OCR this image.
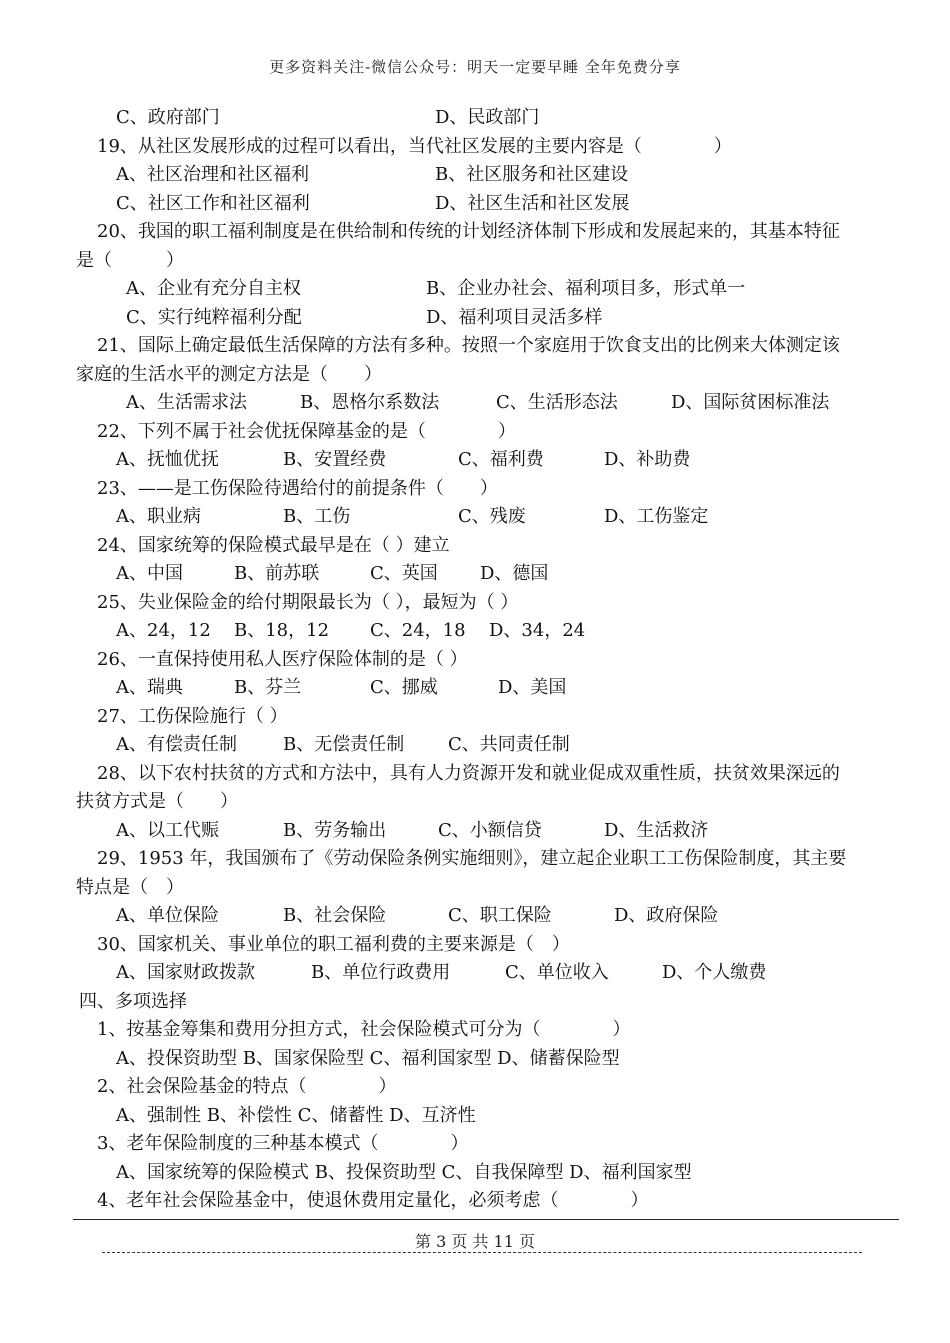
更多资料关注-微信公众号：明天一定要早睡 全年免费分享
C、政府部门	D、民政部门
19、从社区发展形成的过程可以看出，当代社区发展的主要内容是（　　　　）
A、社区治理和社区福利	B、社区服务和社区建设
C、社区工作和社区福利	D、社区生活和社区发展
20、我国的职工福利制度是在供给制和传统的计划经济体制下形成和发展起来的，其基本特征
是（　　　）
A、企业有充分自主权	B、企业办社会、福利项目多，形式单一
C、实行纯粹福利分配	D、福利项目灵活多样
21、国际上确定最低生活保障的方法有多种。按照一个家庭用于饮食支出的比例来大体测定该
家庭的生活水平的测定方法是（　　）
A、生活需求法	B、恩格尔系数法	C、生活形态法	D、国际贫困标准法
22、下列不属于社会优抚保障基金的是（　　　　）
A、抚恤优抚	B、安置经费	C、福利费	D、补助费
23、——是工伤保险待遇给付的前提条件（　　）
A、职业病	B、工伤	C、残废	D、工伤鉴定
24、国家统筹的保险模式最早是在（ ）建立
A、中国	B、前苏联	C、英国 D、德国
25、失业保险金的给付期限最长为（ ），最短为（ ）
A、24，12 B、18，12 C、24，18 D、34，24
26、一直保持使用私人医疗保险体制的是（ ）
A、瑞典	B、芬兰	C、挪威	D、美国
27、工伤保险施行（ ）
A、有偿责任制	B、无偿责任制 C、共同责任制
28、以下农村扶贫的方式和方法中，具有人力资源开发和就业促成双重性质，扶贫效果深远的
扶贫方式是（　　）
A、以工代赈	B、劳务输出	C、小额信贷	D、生活救济
29、1953 年，我国颁布了《劳动保险条例实施细则》，建立起企业职工工伤保险制度，其主要
特点是（　）
A、单位保险	B、社会保险	C、职工保险	D、政府保险
30、国家机关、事业单位的职工福利费的主要来源是（　）
A、国家财政拨款	B、单位行政费用	C、单位收入	D、个人缴费
四、多项选择
1、按基金筹集和费用分担方式，社会保险模式可分为（　　　　）
A、投保资助型 B、国家保险型 C、福利国家型 D、储蓄保险型
2、社会保险基金的特点（　　　　）
A、强制性 B、补偿性 C、储蓄性 D、互济性
3、老年保险制度的三种基本模式（　　　　）
A、国家统筹的保险模式 B、投保资助型 C、自我保障型 D、福利国家型
4、老年社会保险基金中，使退休费用定量化，必须考虑（　　　　）
第 3 页 共 11 页
